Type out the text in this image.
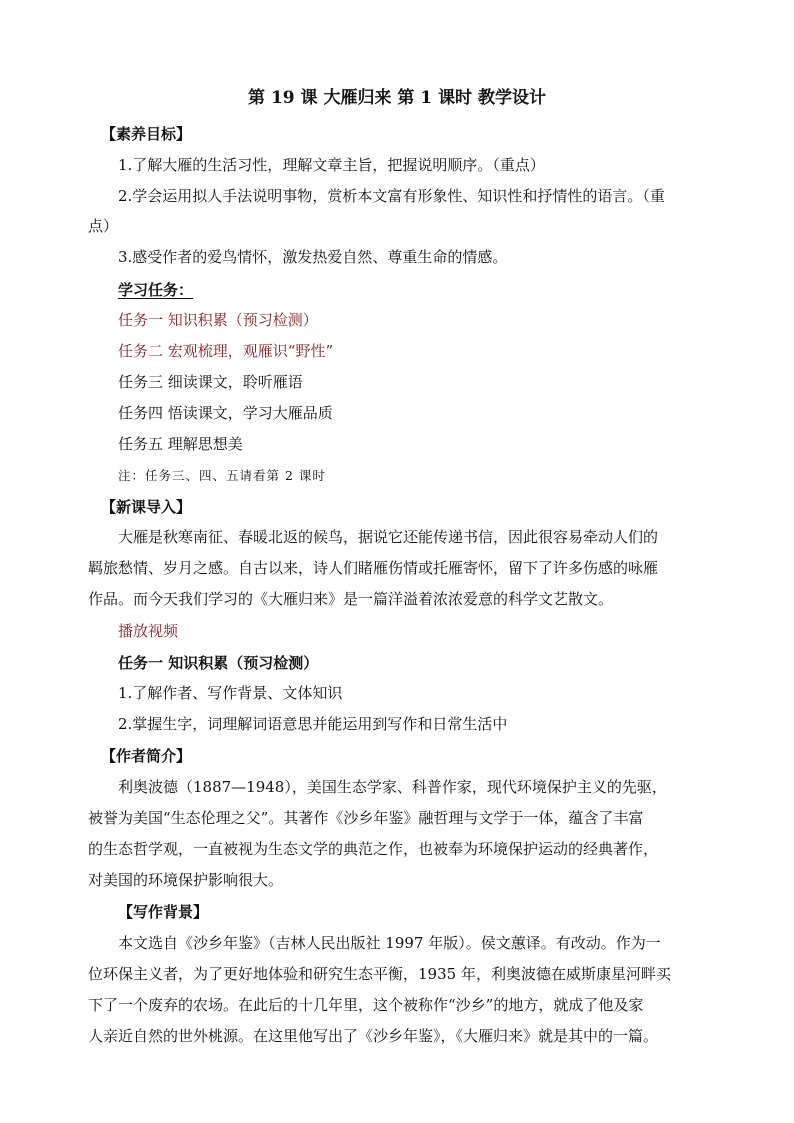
第 19 课 大雁归来 第 1 课时 教学设计
【素养目标】
1.了解大雁的生活习性，理解文章主旨，把握说明顺序。（重点）
2.学会运用拟人手法说明事物，赏析本文富有形象性、知识性和抒情性的语言。（重
点）
3.感受作者的爱鸟情怀，激发热爱自然、尊重生命的情感。
学习任务：
任务一 知识积累（预习检测）
任务二 宏观梳理，观雁识“野性”
任务三 细读课文，聆听雁语
任务四 悟读课文，学习大雁品质
任务五 理解思想美
注：任务三、四、五请看第 2 课时
【新课导入】
大雁是秋寒南征、春暖北返的候鸟，据说它还能传递书信，因此很容易牵动人们的
羁旅愁情、岁月之感。自古以来，诗人们睹雁伤情或托雁寄怀，留下了许多伤感的咏雁
作品。而今天我们学习的《大雁归来》是一篇洋溢着浓浓爱意的科学文艺散文。
播放视频
任务一 知识积累（预习检测）
1.了解作者、写作背景、文体知识
2.掌握生字，词理解词语意思并能运用到写作和日常生活中
【作者简介】
利奥波德（1887—1948），美国生态学家、科普作家，现代环境保护主义的先驱，
被誉为美国“生态伦理之父”。其著作《沙乡年鉴》融哲理与文学于一体，蕴含了丰富
的生态哲学观，一直被视为生态文学的典范之作，也被奉为环境保护运动的经典著作，
对美国的环境保护影响很大。
【写作背景】
本文选自《沙乡年鉴》（吉林人民出版社 1997 年版）。侯文蕙译。有改动。作为一
位环保主义者，为了更好地体验和研究生态平衡，1935 年，利奥波德在威斯康星河畔买
下了一个废弃的农场。在此后的十几年里，这个被称作“沙乡”的地方，就成了他及家
人亲近自然的世外桃源。在这里他写出了《沙乡年鉴》，《大雁归来》就是其中的一篇。
